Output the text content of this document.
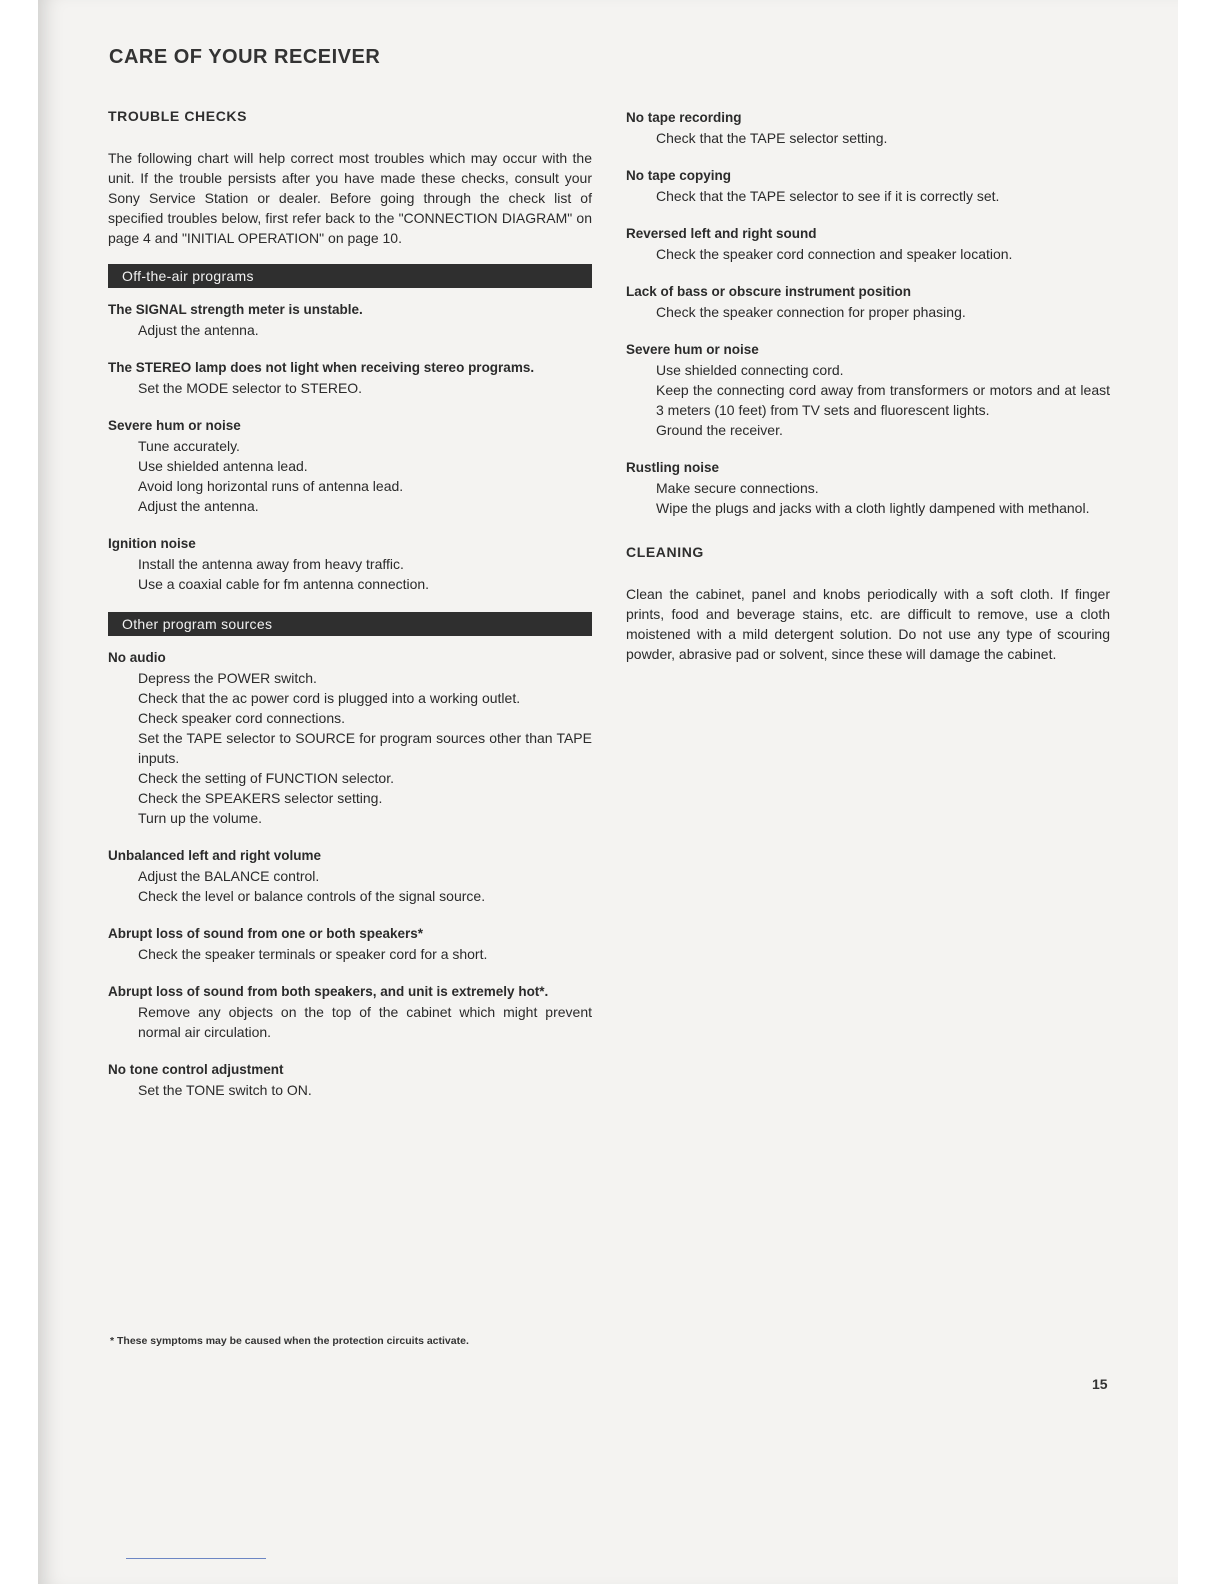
CARE OF YOUR RECEIVER
TROUBLE CHECKS

The following chart will help correct most troubles which may occur with the unit. If the trouble persists after you have made these checks, consult your Sony Service Station or dealer. Before going through the check list of specified troubles below, first refer back to the "CONNECTION DIAGRAM" on page 4 and "INITIAL OPERATION" on page 10.

Off-the-air programs
The SIGNAL strength meter is unstable.
Adjust the antenna.
The STEREO lamp does not light when receiving stereo programs.
Set the MODE selector to STEREO.
Severe hum or noise
Tune accurately.
Use shielded antenna lead.
Avoid long horizontal runs of antenna lead.
Adjust the antenna.
Ignition noise
Install the antenna away from heavy traffic.
Use a coaxial cable for fm antenna connection.
Other program sources
No audio
Depress the POWER switch.
Check that the ac power cord is plugged into a working outlet.
Check speaker cord connections.
Set the TAPE selector to SOURCE for program sources other than TAPE inputs.
Check the setting of FUNCTION selector.
Check the SPEAKERS selector setting.
Turn up the volume.
Unbalanced left and right volume
Adjust the BALANCE control.
Check the level or balance controls of the signal source.
Abrupt loss of sound from one or both speakers*
Check the speaker terminals or speaker cord for a short.
Abrupt loss of sound from both speakers, and unit is extremely hot*.
Remove any objects on the top of the cabinet which might prevent normal air circulation.
No tone control adjustment
Set the TONE switch to ON.
No tape recording
Check that the TAPE selector setting.
No tape copying
Check that the TAPE selector to see if it is correctly set.
Reversed left and right sound
Check the speaker cord connection and speaker location.
Lack of bass or obscure instrument position
Check the speaker connection for proper phasing.
Severe hum or noise
Use shielded connecting cord.
Keep the connecting cord away from transformers or motors and at least 3 meters (10 feet) from TV sets and fluorescent lights.
Ground the receiver.
Rustling noise
Make secure connections.
Wipe the plugs and jacks with a cloth lightly dampened with methanol.
CLEANING

Clean the cabinet, panel and knobs periodically with a soft cloth. If finger prints, food and beverage stains, etc. are difficult to remove, use a cloth moistened with a mild detergent solution. Do not use any type of scouring powder, abrasive pad or solvent, since these will damage the cabinet.

* These symptoms may be caused when the protection circuits activate.
15
